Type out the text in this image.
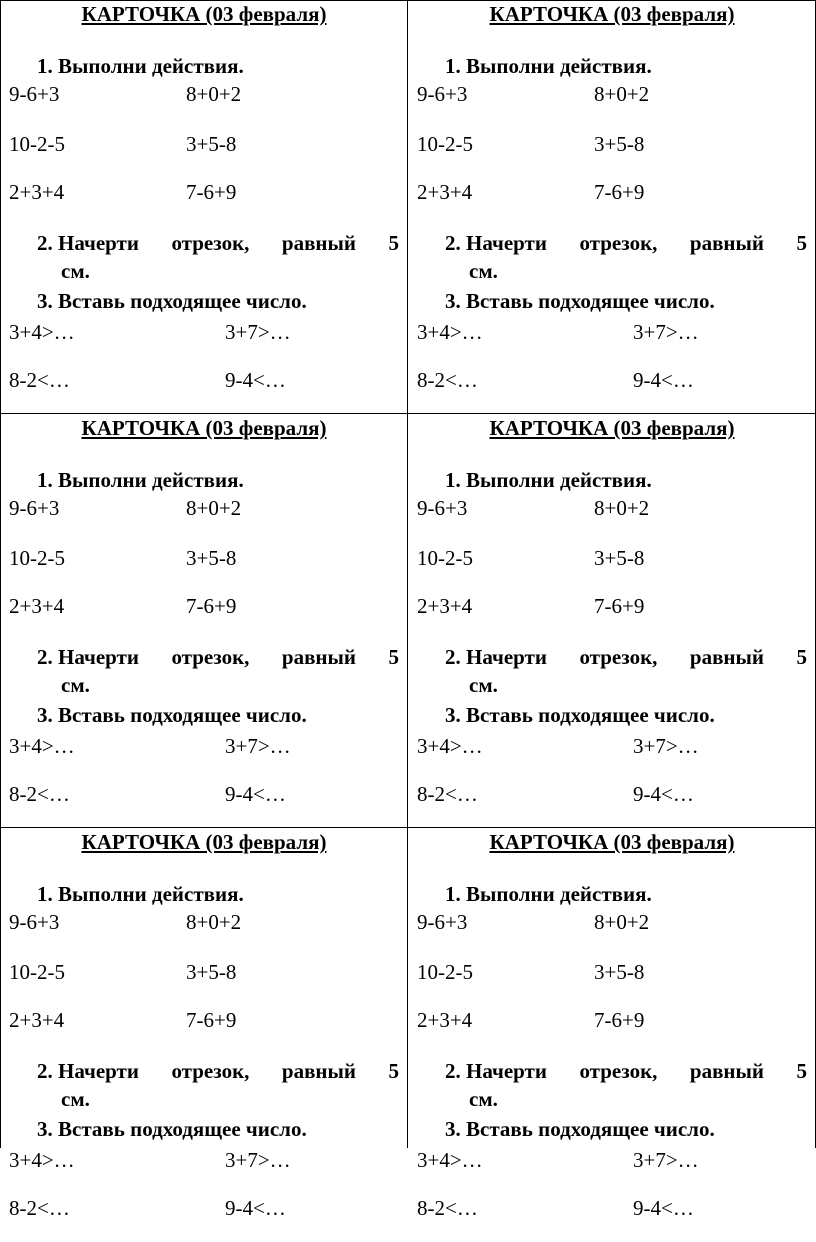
КАРТОЧКА (03 февраля)
1. Выполни действия.
9-6+3	8+0+2
10-2-5	3+5-8
2+3+4	7-6+9
2. Начерти отрезок, равный 5
см.
3. Вставь подходящее число.
3+4>…	3+7>…
8-2<…	9-4<…
КАРТОЧКА (03 февраля)
1. Выполни действия.
9-6+3	8+0+2
10-2-5	3+5-8
2+3+4	7-6+9
2. Начерти отрезок, равный 5
см.
3. Вставь подходящее число.
3+4>…	3+7>…
8-2<…	9-4<…
КАРТОЧКА (03 февраля)
1. Выполни действия.
9-6+3	8+0+2
10-2-5	3+5-8
2+3+4	7-6+9
2. Начерти отрезок, равный 5
см.
3. Вставь подходящее число.
3+4>…	3+7>…
8-2<…	9-4<…
КАРТОЧКА (03 февраля)
1. Выполни действия.
9-6+3	8+0+2
10-2-5	3+5-8
2+3+4	7-6+9
2. Начерти отрезок, равный 5
см.
3. Вставь подходящее число.
3+4>…	3+7>…
8-2<…	9-4<…
КАРТОЧКА (03 февраля)
1. Выполни действия.
9-6+3	8+0+2
10-2-5	3+5-8
2+3+4	7-6+9
2. Начерти отрезок, равный 5
см.
3. Вставь подходящее число.
3+4>…	3+7>…
8-2<…	9-4<…
КАРТОЧКА (03 февраля)
1. Выполни действия.
9-6+3	8+0+2
10-2-5	3+5-8
2+3+4	7-6+9
2. Начерти отрезок, равный 5
см.
3. Вставь подходящее число.
3+4>…	3+7>…
8-2<…	9-4<…
